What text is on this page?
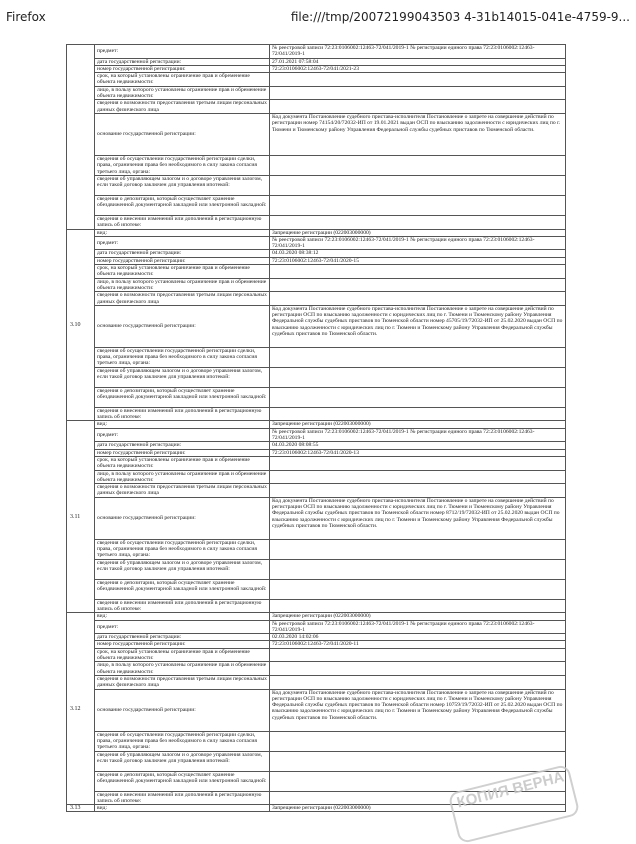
Firefox	file:///tmp/20072199043503 4-31b14015-041e-4759-9...
	предмет:	№ реестровой записи 72:23:0106002:12463-72/041/2019-1 № регистрации единого права 72:23:0106002:12463-72/041/2019-1
	дата государственной регистрации:	27.01.2021 07:58:04
	номер государственной регистрации:	72:23:0106002:12463-72/041/2021-23
	срок, на который установлены ограничение прав и обременение объекта недвижимости:	
	лицо, в пользу которого установлены ограничение прав и обременение объекта недвижимости:	
	сведения о возможности предоставления третьим лицам персональных данных физического лица	
	основание государственной регистрации:	Код документа Постановление судебного пристава-исполнителя Постановление о запрете на совершение действий по регистрации номер 74154/20/72032-ИП от 19.01.2021 выдан ОСП по взысканию задолженности с юридических лиц по г. Тюмени и Тюменскому району Управления Федеральной службы судебных приставов по Тюменской области.
	сведения об осуществлении государственной регистрации сделки, права, ограничения права без необходимого в силу закона согласия третьего лица, органа:	
	сведения об управляющем залогом и о договоре управления залогом, если такой договор заключен для управления ипотекой:	
	сведения о депозитарии, который осуществляет хранение обездвиженной документарной закладной или электронной закладной:	
	сведения о внесении изменений или дополнений в регистрационную запись об ипотеке:	
3.10	вид:	Запрещение регистрации (022003000000)
	предмет:	№ реестровой записи 72:23:0106002:12463-72/041/2019-1 № регистрации единого права 72:23:0106002:12463-72/041/2019-1
	дата государственной регистрации:	04.03.2020 08:38:12
	номер государственной регистрации:	72:23:0106002:12463-72/041/2020-15
	срок, на который установлены ограничение прав и обременение объекта недвижимости:	
	лицо, в пользу которого установлены ограничение прав и обременение объекта недвижимости:	
	сведения о возможности предоставления третьим лицам персональных данных физического лица	
	основание государственной регистрации:	Код документа Постановление судебного пристава-исполнителя Постановление о запрете на совершение действий по регистрации ОСП по взысканию задолженности с юридических лиц по г. Тюмени и Тюменскому району Управления Федеральной службы судебных приставов по Тюменской области номер 45705/19/72032-ИП от 25.02.2020 выдан ОСП по взысканию задолженности с юридических лиц по г. Тюмени и Тюменскому району Управления Федеральной службы судебных приставов по Тюменской области.
	сведения об осуществлении государственной регистрации сделки, права, ограничения права без необходимого в силу закона согласия третьего лица, органа:	
	сведения об управляющем залогом и о договоре управления залогом, если такой договор заключен для управления ипотекой:	
	сведения о депозитарии, который осуществляет хранение обездвиженной документарной закладной или электронной закладной:	
	сведения о внесении изменений или дополнений в регистрационную запись об ипотеке:	
3.11	вид:	Запрещение регистрации (022003000000)
	предмет:	№ реестровой записи 72:23:0106002:12463-72/041/2019-1 № регистрации единого права 72:23:0106002:12463-72/041/2019-1
	дата государственной регистрации:	04.03.2020 08:08:55
	номер государственной регистрации:	72:23:0106002:12463-72/041/2020-13
	срок, на который установлены ограничение прав и обременение объекта недвижимости:	
	лицо, в пользу которого установлены ограничение прав и обременение объекта недвижимости:	
	сведения о возможности предоставления третьим лицам персональных данных физического лица	
	основание государственной регистрации:	Код документа Постановление судебного пристава-исполнителя Постановление о запрете на совершение действий по регистрации ОСП по взысканию задолженности с юридических лиц по г. Тюмени и Тюменскому району Управления Федеральной службы судебных приставов по Тюменской области номер 8712/19/72032-ИП от 25.02.2020 выдан ОСП по взысканию задолженности с юридических лиц по г. Тюмени и Тюменскому району Управления Федеральной службы судебных приставов по Тюменской области.
	сведения об осуществлении государственной регистрации сделки, права, ограничения права без необходимого в силу закона согласия третьего лица, органа:	
	сведения об управляющем залогом и о договоре управления залогом, если такой договор заключен для управления ипотекой:	
	сведения о депозитарии, который осуществляет хранение обездвиженной документарной закладной или электронной закладной:	
	сведения о внесении изменений или дополнений в регистрационную запись об ипотеке:	
3.12	вид:	Запрещение регистрации (022003000000)
	предмет:	№ реестровой записи 72:23:0106002:12463-72/041/2019-1 № регистрации единого права 72:23:0106002:12463-72/041/2019-1
	дата государственной регистрации:	02.03.2020 14:02:06
	номер государственной регистрации:	72:23:0106002:12463-72/041/2020-11
	срок, на который установлены ограничение прав и обременение объекта недвижимости:	
	лицо, в пользу которого установлены ограничение прав и обременение объекта недвижимости:	
	сведения о возможности предоставления третьим лицам персональных данных физического лица	
	основание государственной регистрации:	Код документа Постановление судебного пристава-исполнителя Постановление о запрете на совершение действий по регистрации ОСП по взысканию задолженности с юридических лиц по г. Тюмени и Тюменскому району Управления Федеральной службы судебных приставов по Тюменской области номер 10759/19/72032-ИП от 25.02.2020 выдан ОСП по взысканию задолженности с юридических лиц по г. Тюмени и Тюменскому району Управления Федеральной службы судебных приставов по Тюменской области.
	сведения об осуществлении государственной регистрации сделки, права, ограничения права без необходимого в силу закона согласия третьего лица, органа:	
	сведения об управляющем залогом и о договоре управления залогом, если такой договор заключен для управления ипотекой:	
	сведения о депозитарии, который осуществляет хранение обездвиженной документарной закладной или электронной закладной:	
	сведения о внесении изменений или дополнений в регистрационную запись об ипотеке:	
3.13	вид:	Запрещение регистрации (022003000000)	КОПИЯ ВЕРНА
